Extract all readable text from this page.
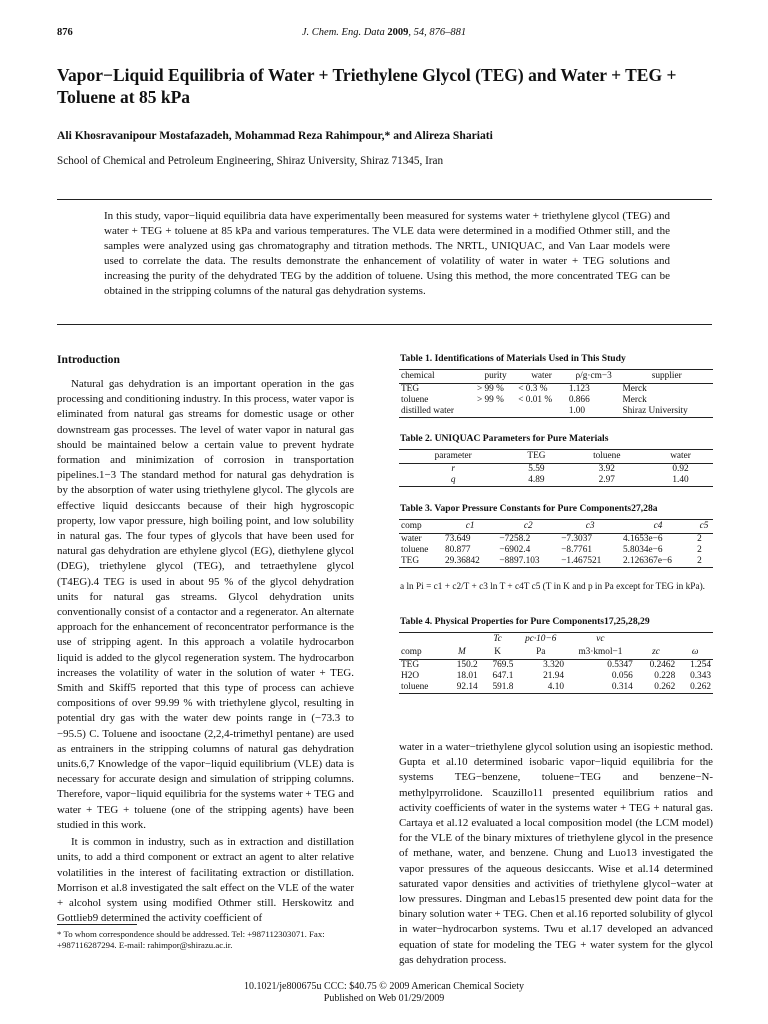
876	J. Chem. Eng. Data 2009, 54, 876–881
Vapor−Liquid Equilibria of Water + Triethylene Glycol (TEG) and Water + TEG + Toluene at 85 kPa
Ali Khosravanipour Mostafazadeh, Mohammad Reza Rahimpour,* and Alireza Shariati
School of Chemical and Petroleum Engineering, Shiraz University, Shiraz 71345, Iran

In this study, vapor−liquid equilibria data have experimentally been measured for systems water + triethylene glycol (TEG) and water + TEG + toluene at 85 kPa and various temperatures. The VLE data were determined in a modified Othmer still, and the samples were analyzed using gas chromatography and titration methods. The NRTL, UNIQUAC, and Van Laar models were used to correlate the data. The results demonstrate the enhancement of volatility of water in water + TEG solutions and increasing the purity of the dehydrated TEG by the addition of toluene. Using this method, the more concentrated TEG can be obtained in the stripping columns of the natural gas dehydration systems.

Introduction

Natural gas dehydration is an important operation in the gas processing and conditioning industry. In this process, water vapor is eliminated from natural gas streams for domestic usage or other downstream gas processes. The level of water vapor in natural gas should be maintained below a certain value to prevent hydrate formation and minimization of corrosion in transportation pipelines.1−3 The standard method for natural gas dehydration is by the absorption of water using triethylene glycol. The glycols are effective liquid desiccants because of their high hygroscopic property, low vapor pressure, high boiling point, and low solubility in natural gas. The four types of glycols that have been used for natural gas dehydration are ethylene glycol (EG), diethylene glycol (DEG), triethylene glycol (TEG), and tetraethylene glycol (T4EG).4 TEG is used in about 95 % of the glycol dehydration units for natural gas streams. Glycol dehydration units conventionally consist of a contactor and a regenerator. An alternate approach for the enhancement of reconcentrator performance is the use of stripping agent. In this approach a volatile hydrocarbon liquid is added to the glycol regeneration system. The hydrocarbon increases the volatility of water in the solution of water + TEG. Smith and Skiff5 reported that this type of process can achieve compositions of over 99.99 % with triethylene glycol, resulting in potential dry gas with the water dew points range in (−73.3 to −95.5) C. Toluene and isooctane (2,2,4-trimethyl pentane) are used as entrainers in the stripping columns of natural gas dehydration units.6,7 Knowledge of the vapor−liquid equilibrium (VLE) data is necessary for accurate design and simulation of stripping columns. Therefore, vapor−liquid equilibria for the systems water + TEG and water + TEG + toluene (one of the stripping agents) have been studied in this work.

It is common in industry, such as in extraction and distillation units, to add a third component or extract an agent to alter relative volatilities in the interest of facilitating extraction or distillation. Morrison et al.8 investigated the salt effect on the VLE of the water + alcohol system using modified Othmer still. Herskowitz and Gottlieb9 determined the activity coefficient of

* To whom correspondence should be addressed. Tel: +987112303071. Fax: +987116287294. E-mail: rahimpor@shirazu.ac.ir.
Table 1. Identifications of Materials Used in This Study
chemical	purity	water	ρ/g·cm−3	supplier
TEG	> 99 %	< 0.3 %	1.123	Merck
toluene	> 99 %	< 0.01 %	0.866	Merck
distilled water			1.00	Shiraz University
Table 2. UNIQUAC Parameters for Pure Materials
parameter	TEG	toluene	water
r	5.59	3.92	0.92
q	4.89	2.97	1.40
Table 3. Vapor Pressure Constants for Pure Components27,28a
comp	c1	c2	c3	c4	c5
water	73.649	−7258.2	−7.3037	4.1653e−6	2
toluene	80.877	−6902.4	−8.7761	5.8034e−6	2
TEG	29.36842	−8897.103	−1.467521	2.126367e−6	2
a ln Pi = c1 + c2/T + c3 ln T + c4T c5 (T in K and p in Pa except for TEG in kPa).
Table 4. Physical Properties for Pure Components17,25,28,29
		Tc	pc·10−6	vc		
comp	M	K	Pa	m3·kmol−1	zc	ω
TEG	150.2	769.5	3.320	0.5347	0.2462	1.254
H2O	18.01	647.1	21.94	0.056	0.228	0.343
toluene	92.14	591.8	4.10	0.314	0.262	0.262

water in a water−triethylene glycol solution using an isopiestic method. Gupta et al.10 determined isobaric vapor−liquid equilibria for the systems TEG−benzene, toluene−TEG and benzene−N-methylpyrrolidone. Scauzillo11 presented equilibrium ratios and activity coefficients of water in the systems water + TEG + natural gas. Cartaya et al.12 evaluated a local composition model (the LCM model) for the VLE of the binary mixtures of triethylene glycol in the presence of methane, water, and benzene. Chung and Luo13 investigated the vapor pressures of the aqueous desiccants. Wise et al.14 determined saturated vapor densities and activities of triethylene glycol−water at low pressures. Dingman and Lebas15 presented dew point data for the binary solution water + TEG. Chen et al.16 reported solubility of glycol in water−hydrocarbon systems. Twu et al.17 developed an advanced equation of state for modeling the TEG + water system for the glycol gas dehydration process.

10.1021/je800675u CCC: $40.75 © 2009 American Chemical Society
Published on Web 01/29/2009
